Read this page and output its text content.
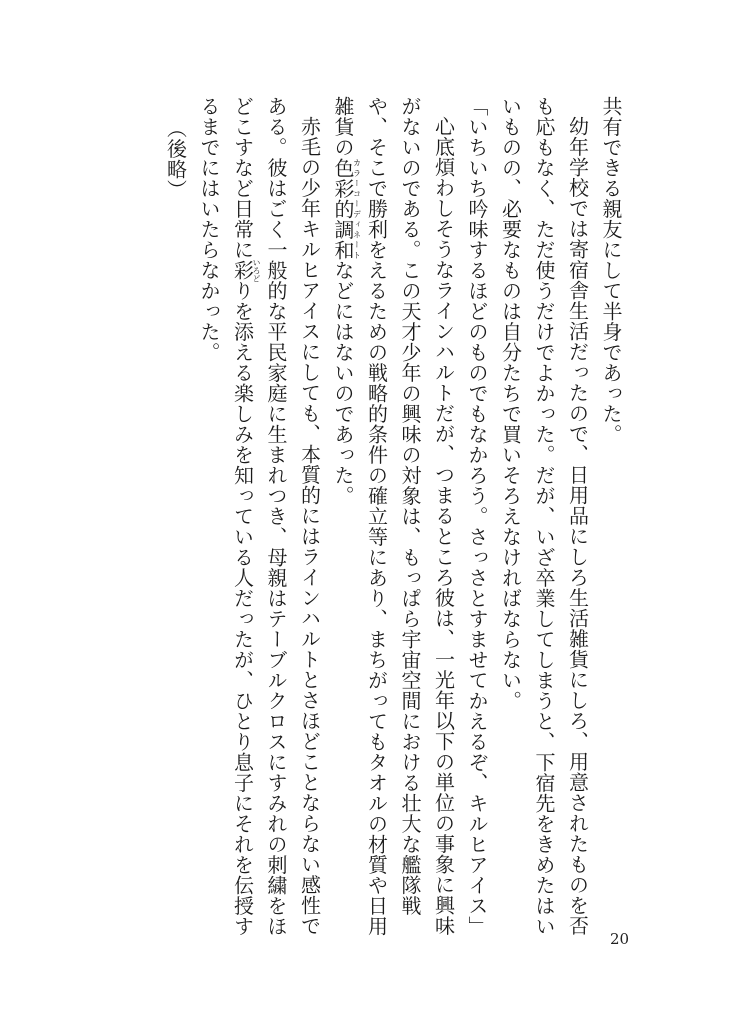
共有できる親友にして半身であった。

幼年学校では寄宿舎生活だったので、日用品にしろ生活雑貨にしろ、用意されたものを否も応もなく、ただ使うだけでよかった。だが、いざ卒業してしまうと、下宿先をきめたはいいものの、必要なものは自分たちで買いそろえなければならない。

「いちいち吟味するほどのものでもなかろう。さっさとすませてかえるぞ、キルヒアイス」

心底煩わしそうなラインハルトだが、つまるところ彼は、一光年以下の単位の事象に興味がないのである。この天才少年の興味の対象は、もっぱら宇宙空間における壮大な艦隊戦や、そこで勝利をえるための戦略的条件の確立等にあり、まちがってもタオルの材質や日用雑貨の色彩的調和カラーコーディネートなどにはないのであった。

赤毛の少年キルヒアイスにしても、本質的にはラインハルトとさほどことならない感性である。彼はごく一般的な平民家庭に生まれつき、母親はテーブルクロスにすみれの刺繍をほどこすなど日常に彩いろどりを添える楽しみを知っている人だったが、ひとり息子にそれを伝授するまでにはいたらなかった。

（後略）

20
